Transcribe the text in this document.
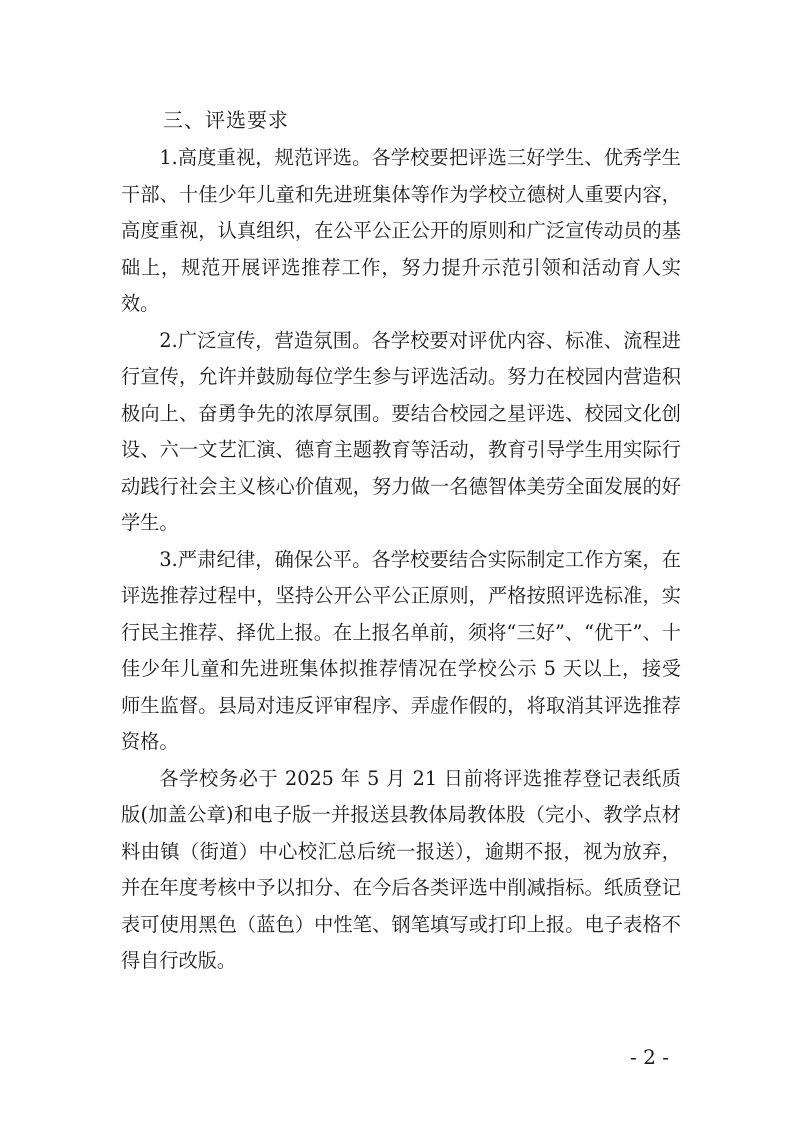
三、评选要求

1.高度重视，规范评选。各学校要把评选三好学生、优秀学生干部、十佳少年儿童和先进班集体等作为学校立德树人重要内容，高度重视，认真组织，在公平公正公开的原则和广泛宣传动员的基础上，规范开展评选推荐工作，努力提升示范引领和活动育人实效。

2.广泛宣传，营造氛围。各学校要对评优内容、标准、流程进行宣传，允许并鼓励每位学生参与评选活动。努力在校园内营造积极向上、奋勇争先的浓厚氛围。要结合校园之星评选、校园文化创设、六一文艺汇演、德育主题教育等活动，教育引导学生用实际行动践行社会主义核心价值观，努力做一名德智体美劳全面发展的好学生。

3.严肃纪律，确保公平。各学校要结合实际制定工作方案，在评选推荐过程中，坚持公开公平公正原则，严格按照评选标准，实行民主推荐、择优上报。在上报名单前，须将“三好”、“优干”、十佳少年儿童和先进班集体拟推荐情况在学校公示 5 天以上，接受师生监督。县局对违反评审程序、弄虚作假的，将取消其评选推荐资格。

各学校务必于 2025 年 5 月 21 日前将评选推荐登记表纸质版(加盖公章)和电子版一并报送县教体局教体股（完小、教学点材料由镇（街道）中心校汇总后统一报送），逾期不报，视为放弃，并在年度考核中予以扣分、在今后各类评选中削减指标。纸质登记表可使用黑色（蓝色）中性笔、钢笔填写或打印上报。电子表格不得自行改版。

- 2 -
